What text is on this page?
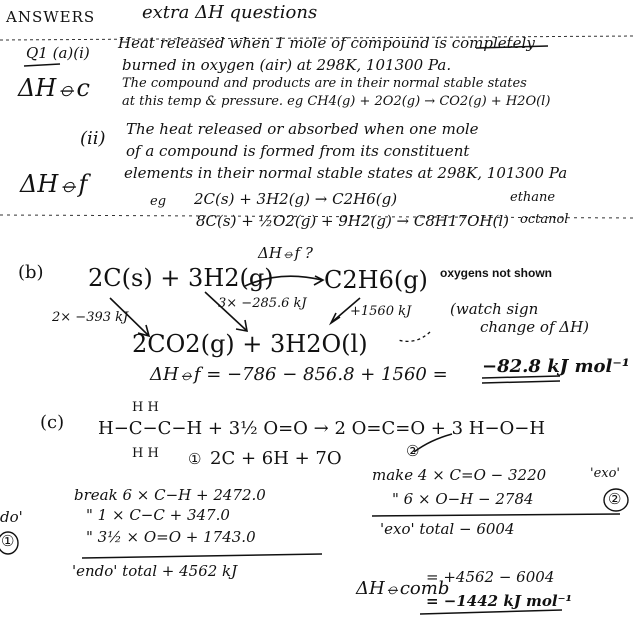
ANSWERS	extra ΔH questions
Q1 (a)(i)
ΔH⦵c
Heat released when 1 mole of compound is completely
burned in oxygen (air) at 298K, 101300 Pa.
The compound and products are in their normal stable states
at this temp & pressure. eg CH4(g) + 2O2(g) → CO2(g) + H2O(l)
(ii)
ΔH⦵f
The heat released or absorbed when one mole
of a compound is formed from its constituent
elements in their normal stable states at 298K, 101300 Pa
eg 2C(s) + 3H2(g) → C2H6(g)	ethane
8C(s) + ½O2(g) + 9H2(g) → C8H17OH(l) octanol
(b) 2C(s) + 3H2(g)
ΔH⦵f ?
C2H6(g) oxygens not shown
2× −393 kJ
3× −285.6 kJ
+1560 kJ	(watch sign
change of ΔH)
2CO2(g) + 3H2O(l)
ΔH⦵f = −786 − 856.8 + 1560 = −82.8 kJ mol⁻¹
(c)
H H
H−C−C−H + 3½ O=O → 2 O=C=O + 3 H−O−H
H H ① 2C + 6H + 7O	②
break 6 × C−H + 2472.0
" 1 × C−C + 347.0
" 3½ × O=O + 1743.0
'endo' total + 4562 kJ
make 4 × C=O − 3220
" 6 × O−H − 2784
'exo'
②
'exo' total − 6004
do'
①
ΔH⦵comb
= +4562 − 6004
= −1442 kJ mol⁻¹
